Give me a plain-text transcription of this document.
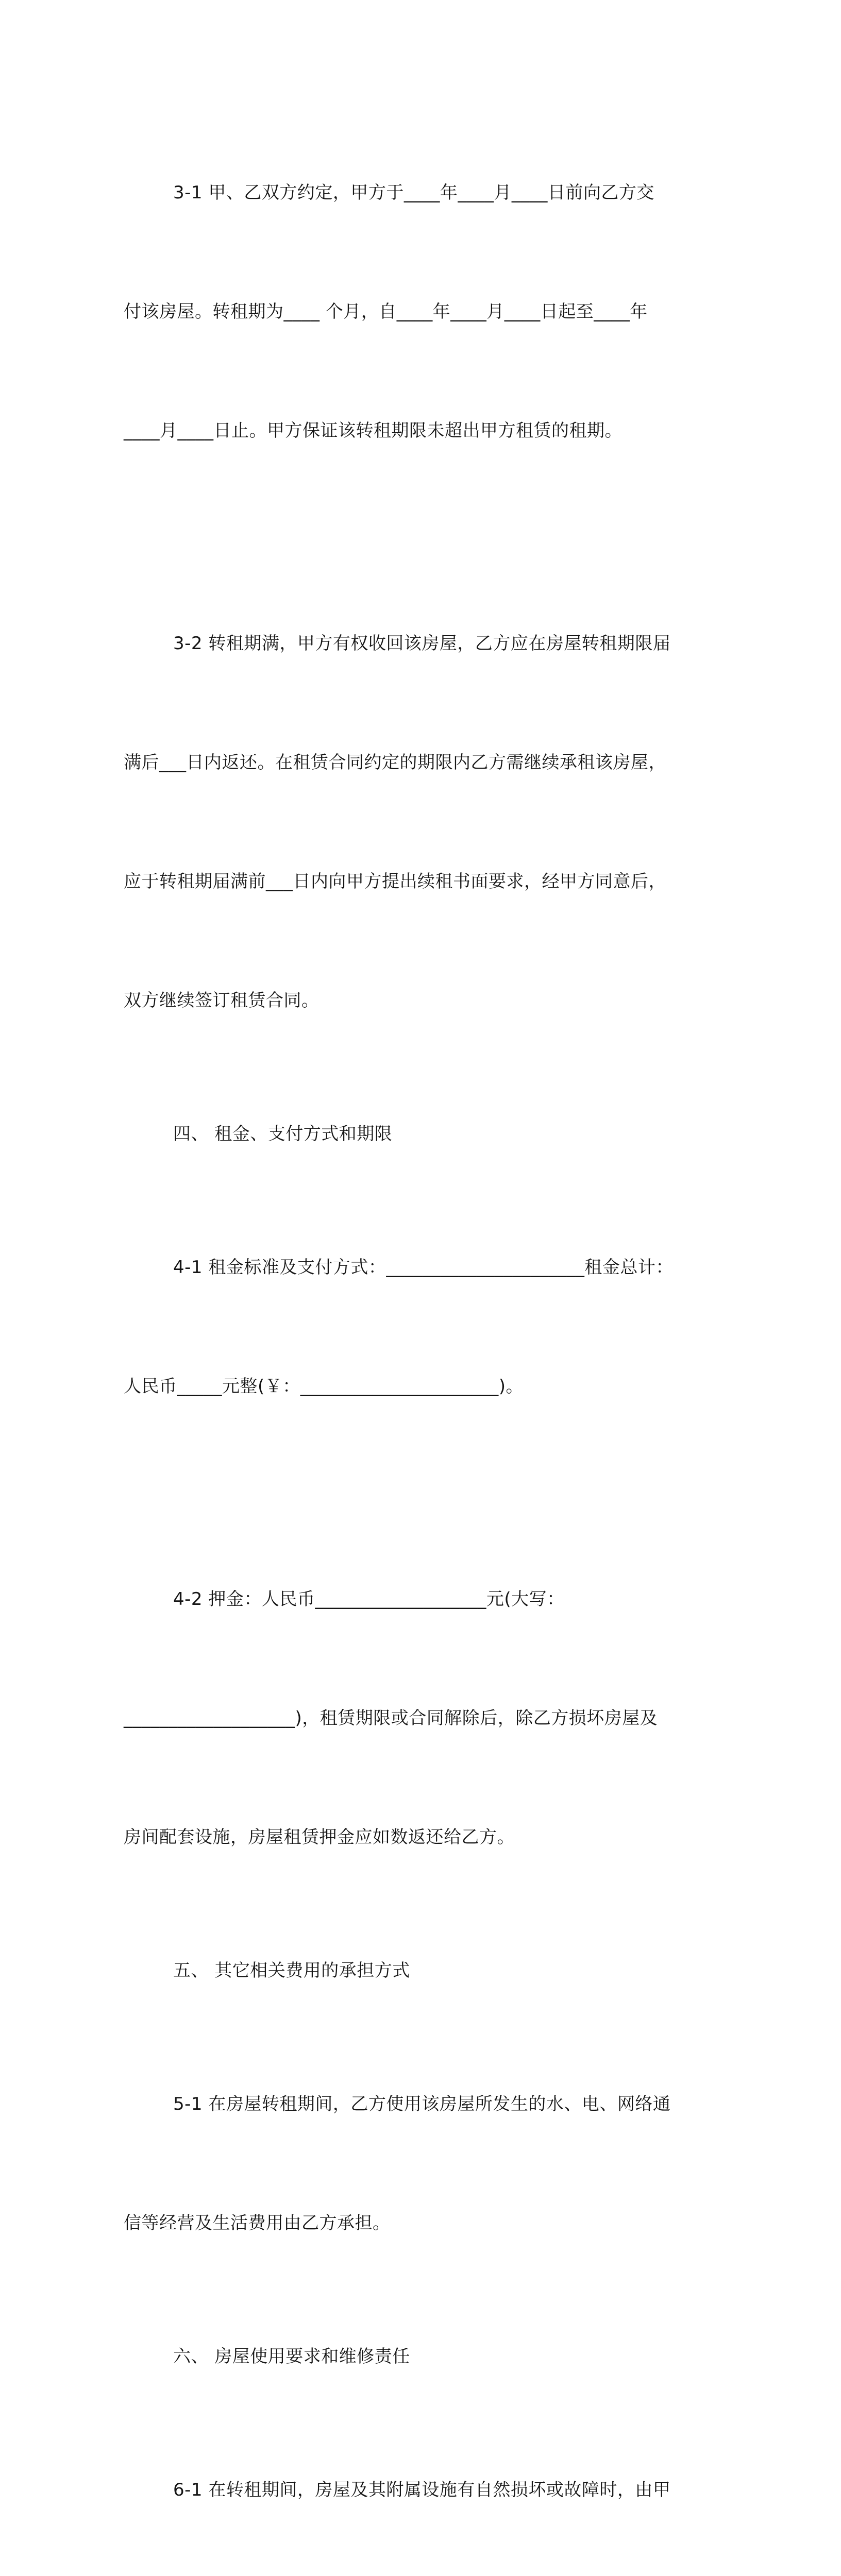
3-1 甲、乙双方约定，甲方于____年____月____日前向乙方交

付该房屋。转租期为____ 个月，自____年____月____日起至____年

____月____日止。甲方保证该转租期限未超出甲方租赁的租期。

3-2 转租期满，甲方有权收回该房屋，乙方应在房屋转租期限届

满后___日内返还。在租赁合同约定的期限内乙方需继续承租该房屋，

应于转租期届满前___日内向甲方提出续租书面要求，经甲方同意后，

双方继续签订租赁合同。

四、 租金、支付方式和期限

4-1 租金标准及支付方式：______________________租金总计：

人民币_____元整(￥：______________________)。

4-2 押金：人民币___________________元(大写：

___________________)，租赁期限或合同解除后，除乙方损坏房屋及

房间配套设施，房屋租赁押金应如数返还给乙方。

五、 其它相关费用的承担方式

5-1 在房屋转租期间，乙方使用该房屋所发生的水、电、网络通

信等经营及生活费用由乙方承担。

六、 房屋使用要求和维修责任

6-1 在转租期间，房屋及其附属设施有自然损坏或故障时，由甲
